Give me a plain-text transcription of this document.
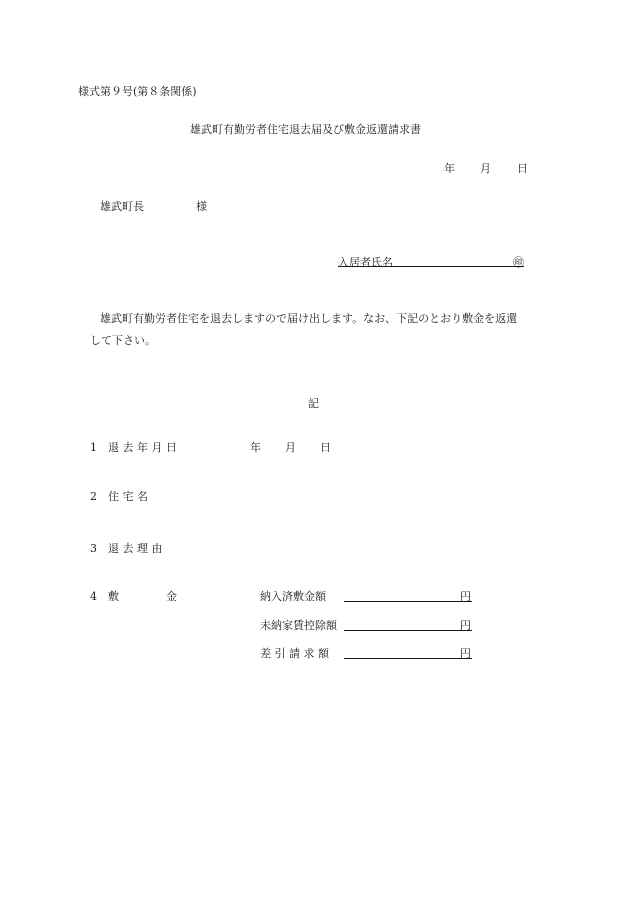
様式第９号(第８条関係)
雄武町有勤労者住宅退去届及び敷金返還請求書
年 月 日
雄武町長	様
入居者氏名	㊞
雄武町有勤労者住宅を退去しますので届け出します。なお、下記のとおり敷金を返還
して下さい。
記
1 退 去 年 月 日	年 月 日
2 住 宅 名
3 退 去 理 由
4 敷	金	納入済敷金額	円
未納家賃控除額	円
差 引 請 求 額	円
